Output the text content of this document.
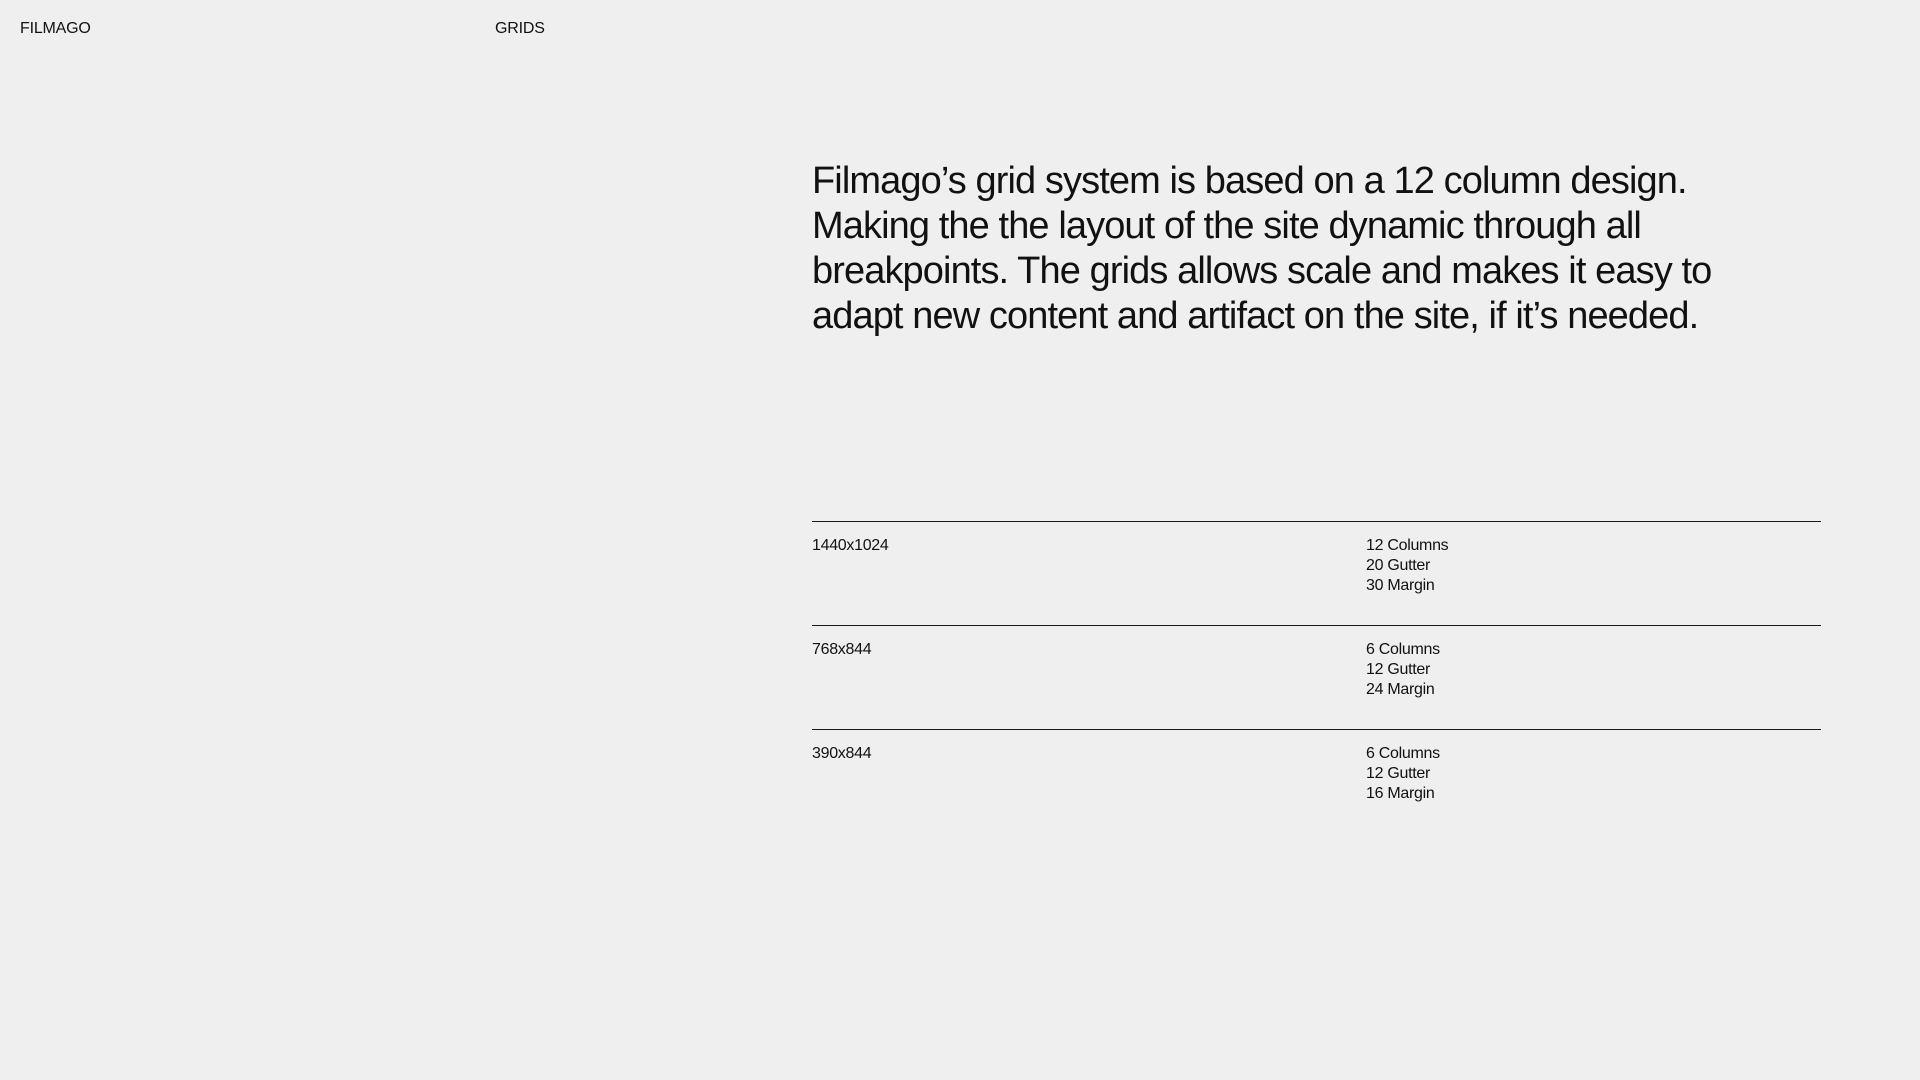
FILMAGO	GRIDS

Filmago’s grid system is based on a 12 column design. Making the the layout of the site dynamic through all breakpoints. The grids allows scale and makes it easy to adapt new content and artifact on the site, if it’s needed.

1440x1024	12 Columns
20 Gutter
30 Margin
768x844	6 Columns
12 Gutter
24 Margin
390x844	6 Columns
12 Gutter
16 Margin
